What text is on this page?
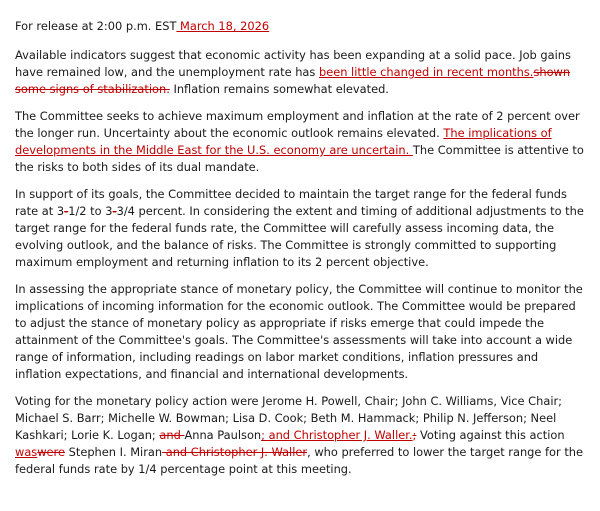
For release at 2:00 p.m. EST March 18, 2026

Available indicators suggest that economic activity has been expanding at a solid pace. Job gains have remained low, and the unemployment rate has been little changed in recent months.shown some signs of stabilization. Inflation remains somewhat elevated.

The Committee seeks to achieve maximum employment and inflation at the rate of 2 percent over the longer run. Uncertainty about the economic outlook remains elevated. The implications of developments in the Middle East for the U.S. economy are uncertain. The Committee is attentive to the risks to both sides of its dual mandate.

In support of its goals, the Committee decided to maintain the target range for the federal funds rate at 3-1/2 to 3-3/4 percent. In considering the extent and timing of additional adjustments to the target range for the federal funds rate, the Committee will carefully assess incoming data, the evolving outlook, and the balance of risks. The Committee is strongly committed to supporting maximum employment and returning inflation to its 2 percent objective.

In assessing the appropriate stance of monetary policy, the Committee will continue to monitor the implications of incoming information for the economic outlook. The Committee would be prepared to adjust the stance of monetary policy as appropriate if risks emerge that could impede the attainment of the Committee's goals. The Committee's assessments will take into account a wide range of information, including readings on labor market conditions, inflation pressures and inflation expectations, and financial and international developments.

Voting for the monetary policy action were Jerome H. Powell, Chair; John C. Williams, Vice Chair; Michael S. Barr; Michelle W. Bowman; Lisa D. Cook; Beth M. Hammack; Philip N. Jefferson; Neel Kashkari; Lorie K. Logan; and Anna Paulson; and Christopher J. Waller.; Voting against this action waswere Stephen I. Miran and Christopher J. Waller, who preferred to lower the target range for the federal funds rate by 1/4 percentage point at this meeting.
